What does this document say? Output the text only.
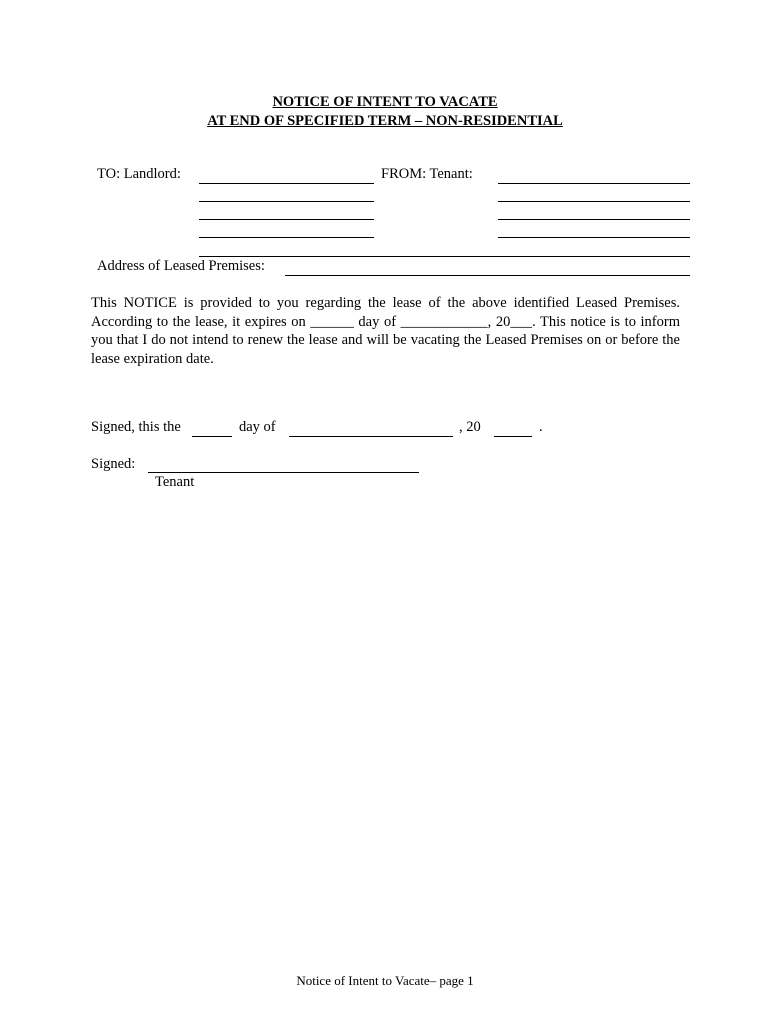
NOTICE OF INTENT TO VACATE
AT END OF SPECIFIED TERM – NON-RESIDENTIAL
TO: Landlord:	FROM: Tenant:
Address of Leased Premises:
This NOTICE is provided to you regarding the lease of the above identified Leased Premises. According to the lease, it expires on ______ day of ____________, 20___. This notice is to inform you that I do not intend to renew the lease and will be vacating the Leased Premises on or before the lease expiration date.
Signed, this the	day of	, 20	.
Signed:
Tenant
Notice of Intent to Vacate– page 1
